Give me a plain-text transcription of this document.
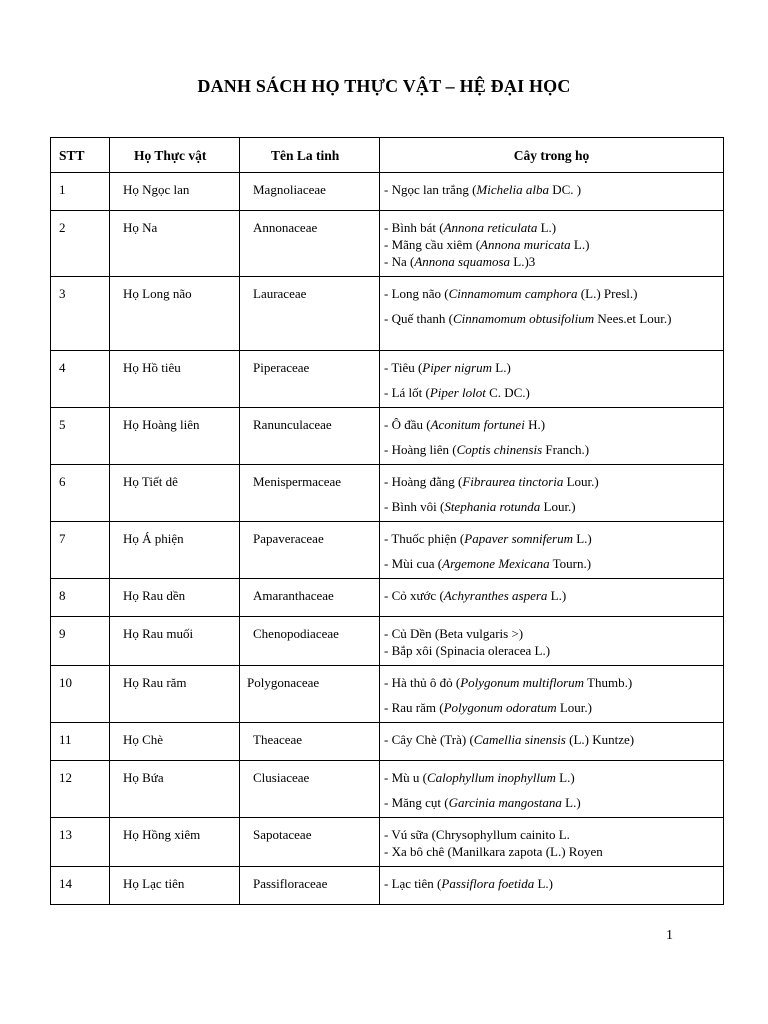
DANH SÁCH HỌ THỰC VẬT – HỆ ĐẠI HỌC
STT	Họ Thực vật	Tên La tinh	Cây trong họ

1	Họ Ngọc lan	Magnoliaceae	- Ngọc lan trắng (Michelia alba DC. )

2	Họ Na	Annonaceae	- Bình bát (Annona reticulata L.)
- Mãng cầu xiêm (Annona muricata L.)
- Na (Annona squamosa L.)3

3	Họ Long não	Lauraceae	- Long não (Cinnamomum camphora (L.) Presl.)
- Quế thanh (Cinnamomum obtusifolium Nees.et Lour.)

4	Họ Hồ tiêu	Piperaceae	- Tiêu (Piper nigrum L.)
- Lá lốt (Piper lolot C. DC.)

5	Họ Hoàng liên	Ranunculaceae	- Ô đầu (Aconitum fortunei H.)
- Hoàng liên (Coptis chinensis Franch.)

6	Họ Tiết dê	Menispermaceae	- Hoàng đằng (Fibraurea tinctoria Lour.)
- Bình vôi (Stephania rotunda Lour.)

7	Họ Á phiện	Papaveraceae	- Thuốc phiện (Papaver somniferum L.)
- Mùi cua (Argemone Mexicana Tourn.)

8	Họ Rau dền	Amaranthaceae	- Cỏ xước (Achyranthes aspera L.)

9	Họ Rau muối	Chenopodiaceae	- Củ Dền (Beta vulgaris >)
- Bắp xôi (Spinacia oleracea L.)

10	Họ Rau răm	Polygonaceae	- Hà thủ ô đỏ (Polygonum multiflorum Thumb.)
- Rau răm (Polygonum odoratum Lour.)

11	Họ Chè	Theaceae	- Cây Chè (Trà) (Camellia sinensis (L.) Kuntze)

12	Họ Bứa	Clusiaceae	- Mù u (Calophyllum inophyllum L.)
- Măng cụt (Garcinia mangostana L.)

13	Họ Hồng xiêm	Sapotaceae	- Vú sữa (Chrysophyllum cainito L.
- Xa bô chê (Manilkara zapota (L.) Royen

14	Họ Lạc tiên	Passifloraceae	- Lạc tiên (Passiflora foetida L.)
1
